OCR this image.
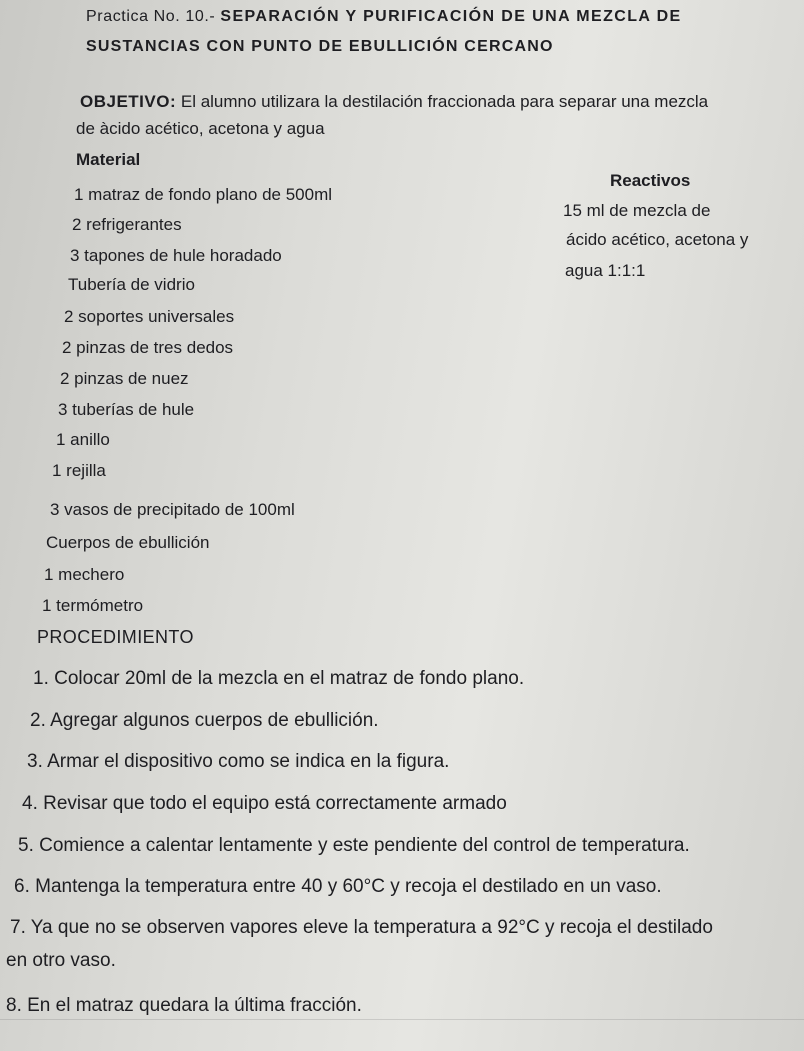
Practica No. 10.- SEPARACIÓN Y PURIFICACIÓN DE UNA MEZCLA DE
SUSTANCIAS CON PUNTO DE EBULLICIÓN CERCANO
OBJETIVO: El alumno utilizara la destilación fraccionada para separar una mezcla
de àcido acético, acetona y agua
Material
Reactivos
1 matraz de fondo plano de 500ml
2 refrigerantes
3 tapones de hule horadado
Tubería de vidrio
2 soportes universales
2 pinzas de tres dedos
2 pinzas de nuez
3 tuberías de hule
1 anillo
1 rejilla
3 vasos de precipitado de 100ml
Cuerpos de ebullición
1 mechero
1 termómetro
15 ml de mezcla de
ácido acético, acetona y
agua 1:1:1
PROCEDIMIENTO
1. Colocar 20ml de la mezcla en el matraz de fondo plano.
2. Agregar algunos cuerpos de ebullición.
3. Armar el dispositivo como se indica en la figura.
4. Revisar que todo el equipo está correctamente armado
5. Comience a calentar lentamente y este pendiente del control de temperatura.
6. Mantenga la temperatura entre 40 y 60°C y recoja el destilado en un vaso.
7. Ya que no se observen vapores eleve la temperatura a 92°C y recoja el destilado
en otro vaso.
8. En el matraz quedara la última fracción.
